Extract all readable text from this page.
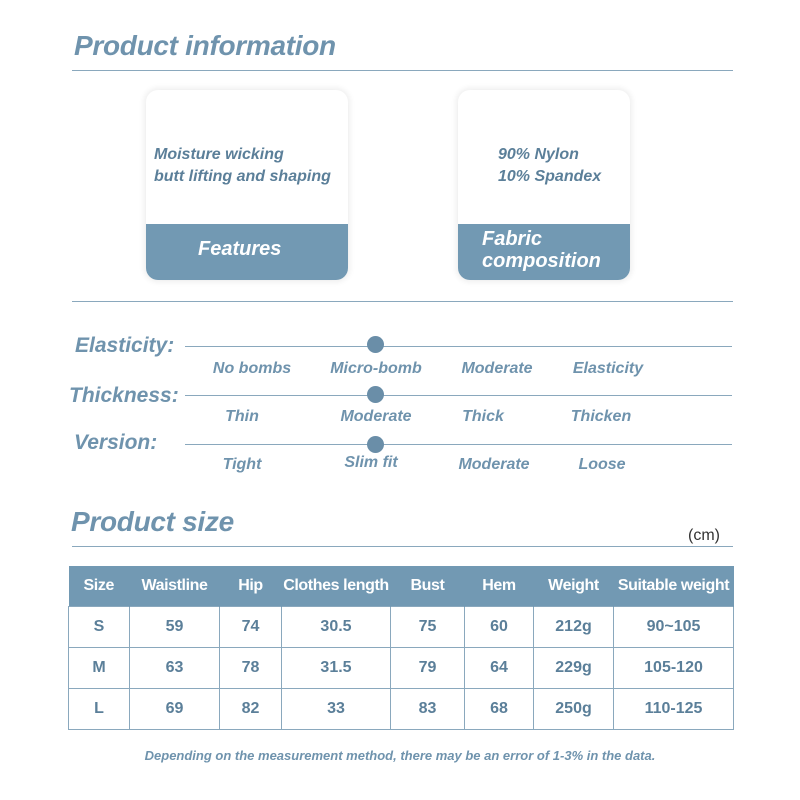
Product information
Moisture wicking
butt lifting and shaping
Features
90% Nylon
10% Spandex
Fabric
composition
Elasticity:
No bombs Micro-bomb Moderate	Elasticity
Thickness:
Thin	Moderate	Thick	Thicken
Version:
Tight	Slim fit	Moderate	Loose
Product size	(cm)
Size	Waistline	Hip	Clothes length	Bust	Hem	Weight	Suitable weight
S	59	74	30.5	75	60	212g	90~105
M	63	78	31.5	79	64	229g	105-120
L	69	82	33	83	68	250g	110-125
Depending on the measurement method, there may be an error of 1-3% in the data.
